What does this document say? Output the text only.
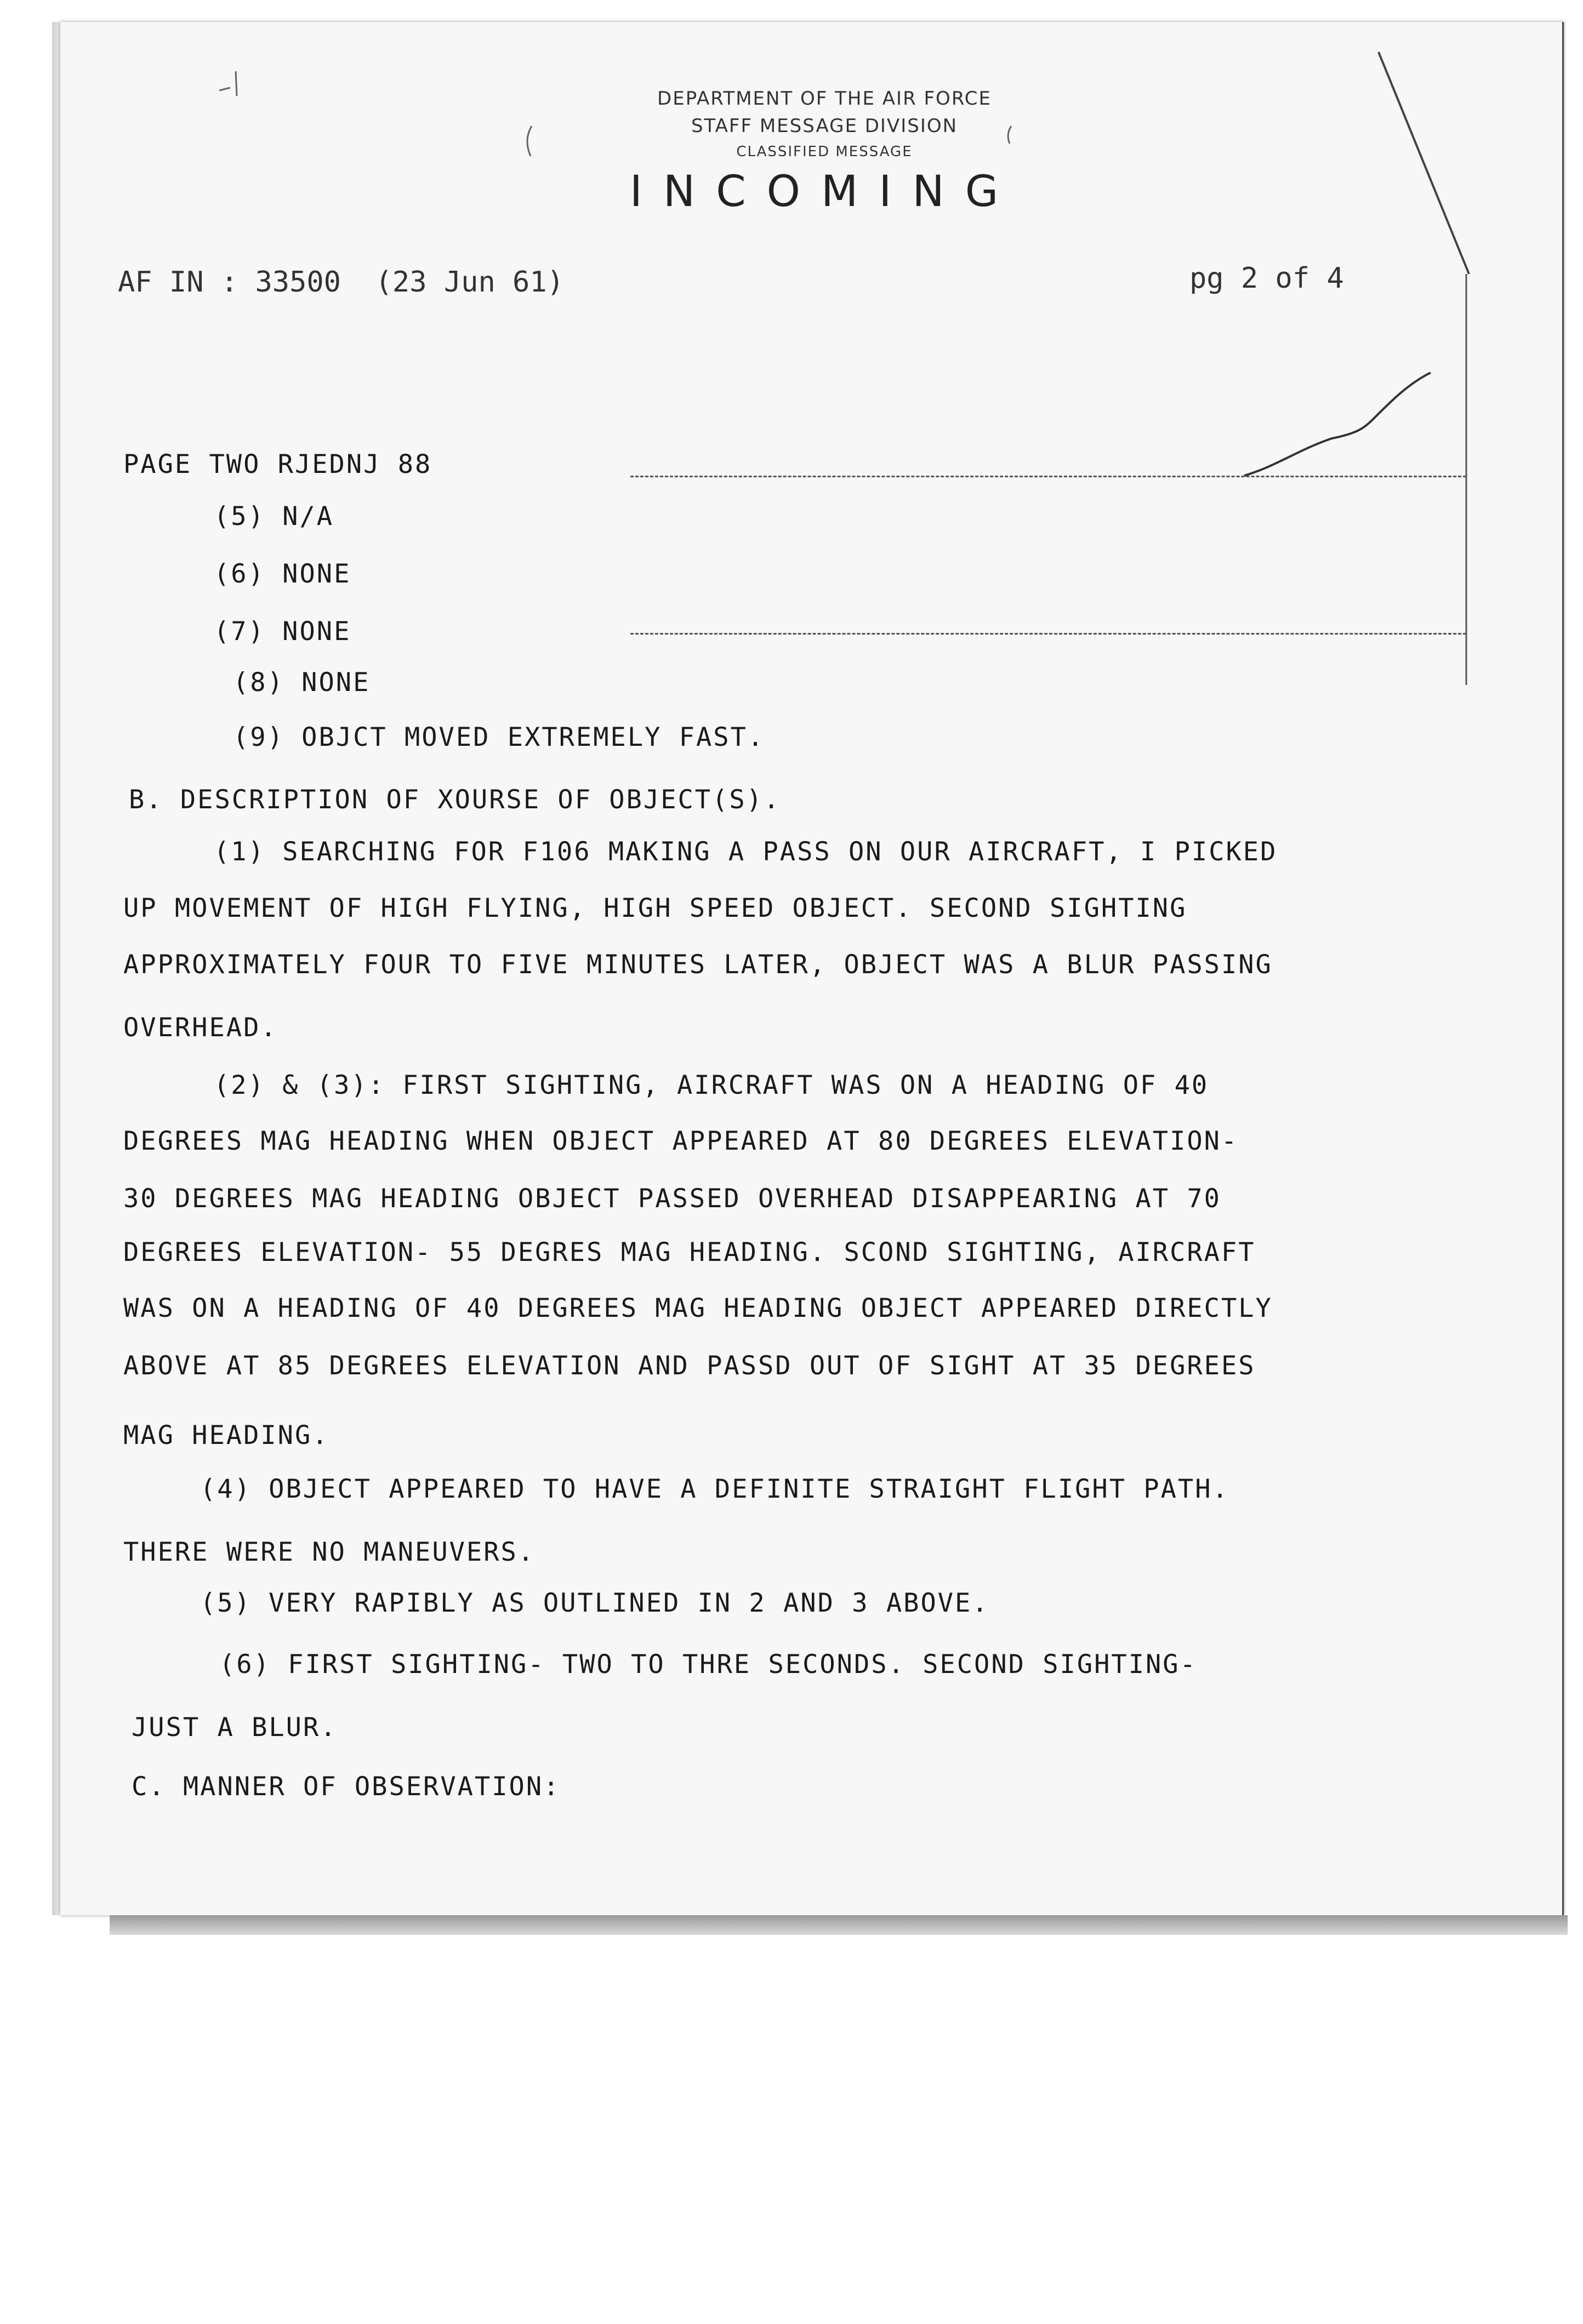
DEPARTMENT OF THE AIR FORCE
STAFF MESSAGE DIVISION
CLASSIFIED MESSAGE
INCOMING
AF IN : 33500  (23 Jun 61)	pg 2 of 4
PAGE TWO RJEDNJ 88
(5) N/A
(6) NONE
(7) NONE
(8) NONE
(9) OBJCT MOVED EXTREMELY FAST.
B. DESCRIPTION OF XOURSE OF OBJECT(S).
(1) SEARCHING FOR F106 MAKING A PASS ON OUR AIRCRAFT, I PICKED
UP MOVEMENT OF HIGH FLYING, HIGH SPEED OBJECT. SECOND SIGHTING
APPROXIMATELY FOUR TO FIVE MINUTES LATER, OBJECT WAS A BLUR PASSING
OVERHEAD.
(2) & (3): FIRST SIGHTING, AIRCRAFT WAS ON A HEADING OF 40
DEGREES MAG HEADING WHEN OBJECT APPEARED AT 80 DEGREES ELEVATION-
30 DEGREES MAG HEADING OBJECT PASSED OVERHEAD DISAPPEARING AT 70
DEGREES ELEVATION- 55 DEGRES MAG HEADING. SCOND SIGHTING, AIRCRAFT
WAS ON A HEADING OF 40 DEGREES MAG HEADING OBJECT APPEARED DIRECTLY
ABOVE AT 85 DEGREES ELEVATION AND PASSD OUT OF SIGHT AT 35 DEGREES
MAG HEADING.
(4) OBJECT APPEARED TO HAVE A DEFINITE STRAIGHT FLIGHT PATH.
THERE WERE NO MANEUVERS.
(5) VERY RAPIBLY AS OUTLINED IN 2 AND 3 ABOVE.
(6) FIRST SIGHTING- TWO TO THRE SECONDS. SECOND SIGHTING-
JUST A BLUR.
C. MANNER OF OBSERVATION:
